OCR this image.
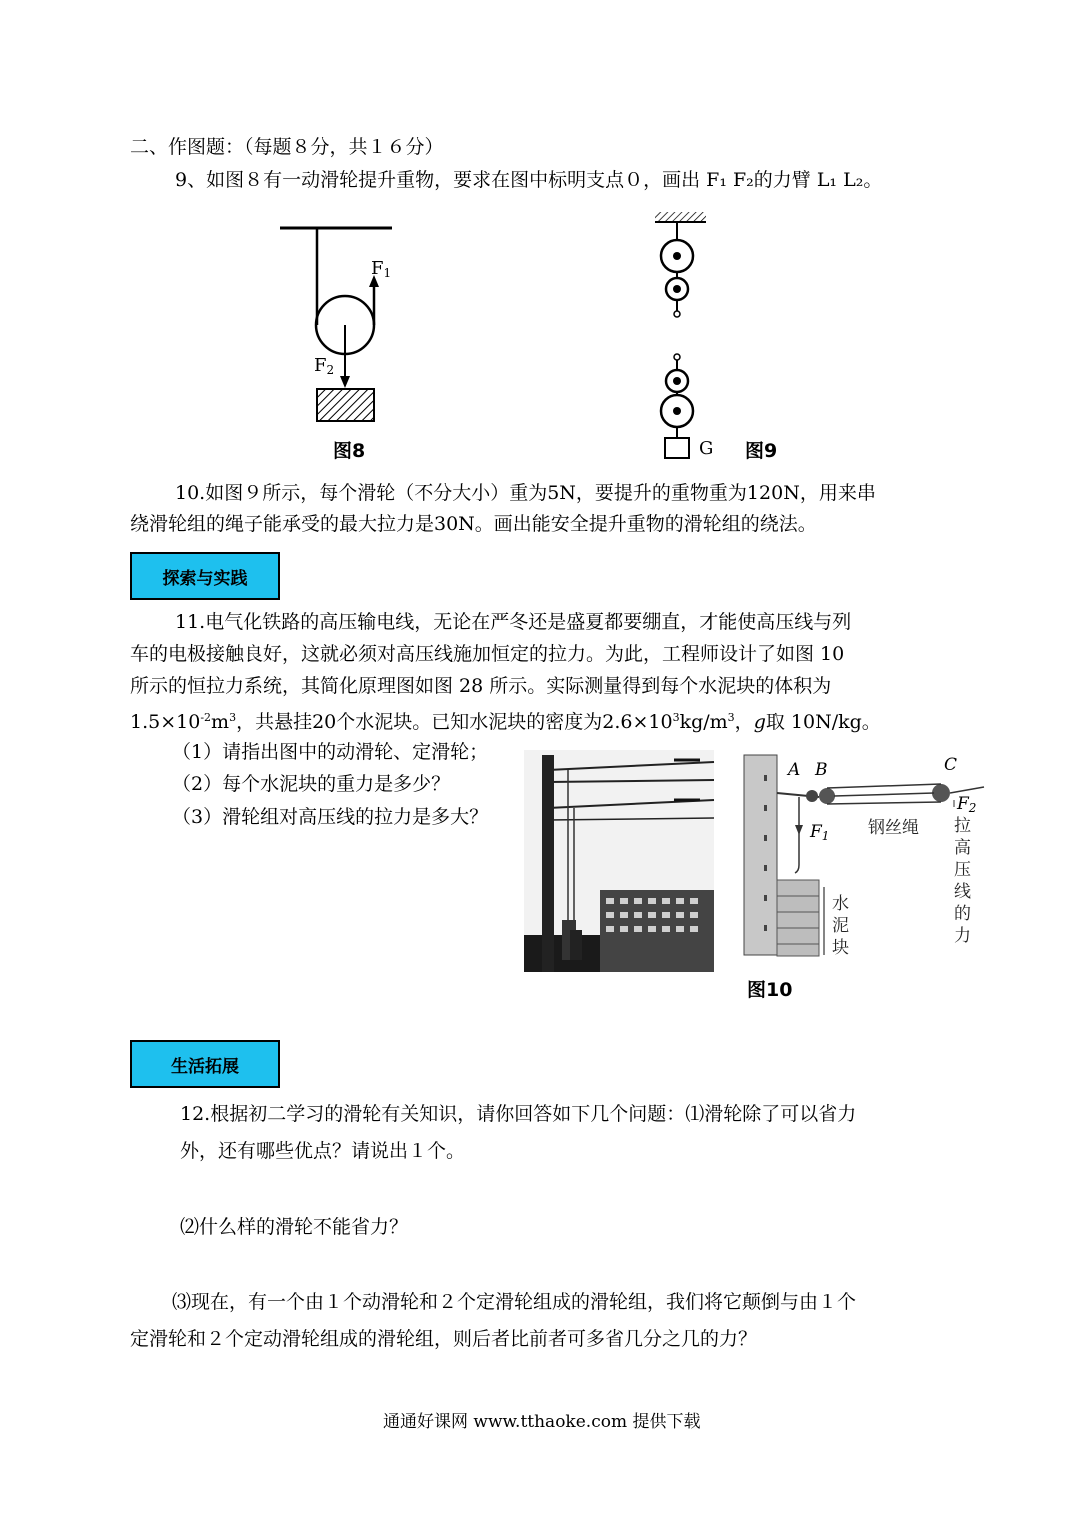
二、作图题：（每题８分，共１６分）
9、如图８有一动滑轮提升重物，要求在图中标明支点０，画出 F₁ F₂的力臂 L₁ L₂。
$F_1$
$F_2$
图8	G 图9
10.如图９所示，每个滑轮（不分大小）重为5N，要提升的重物重为120N，用来串
绕滑轮组的绳子能承受的最大拉力是30N。画出能安全提升重物的滑轮组的绕法。
探索与实践
11.电气化铁路的高压输电线，无论在严冬还是盛夏都要绷直，才能使高压线与列
车的电极接触良好，这就必须对高压线施加恒定的拉力。为此，工程师设计了如图 10
所示的恒拉力系统，其简化原理图如图 28 所示。实际测量得到每个水泥块的体积为
$1.5\times 10^{-2}m^3$，共悬挂20个水泥块。已知水泥块的密度为$2.6\times 10^3kg/m^3$，g取 10N/kg。
（1）请指出图中的动滑轮、定滑轮；
（2）每个水泥块的重力是多少？
（3）滑轮组对高压线的拉力是多大？
A B	C
$F_1$
$F_2$
钢丝绳
水泥块
拉高压线的力
图10
生活拓展
12.根据初二学习的滑轮有关知识，请你回答如下几个问题：⑴滑轮除了可以省力
外，还有哪些优点？请说出１个。
⑵什么样的滑轮不能省力？
⑶现在，有一个由１个动滑轮和２个定滑轮组成的滑轮组，我们将它颠倒与由１个
定滑轮和２个定动滑轮组成的滑轮组，则后者比前者可多省几分之几的力？
通通好课网 www.tthaoke.com 提供下载
